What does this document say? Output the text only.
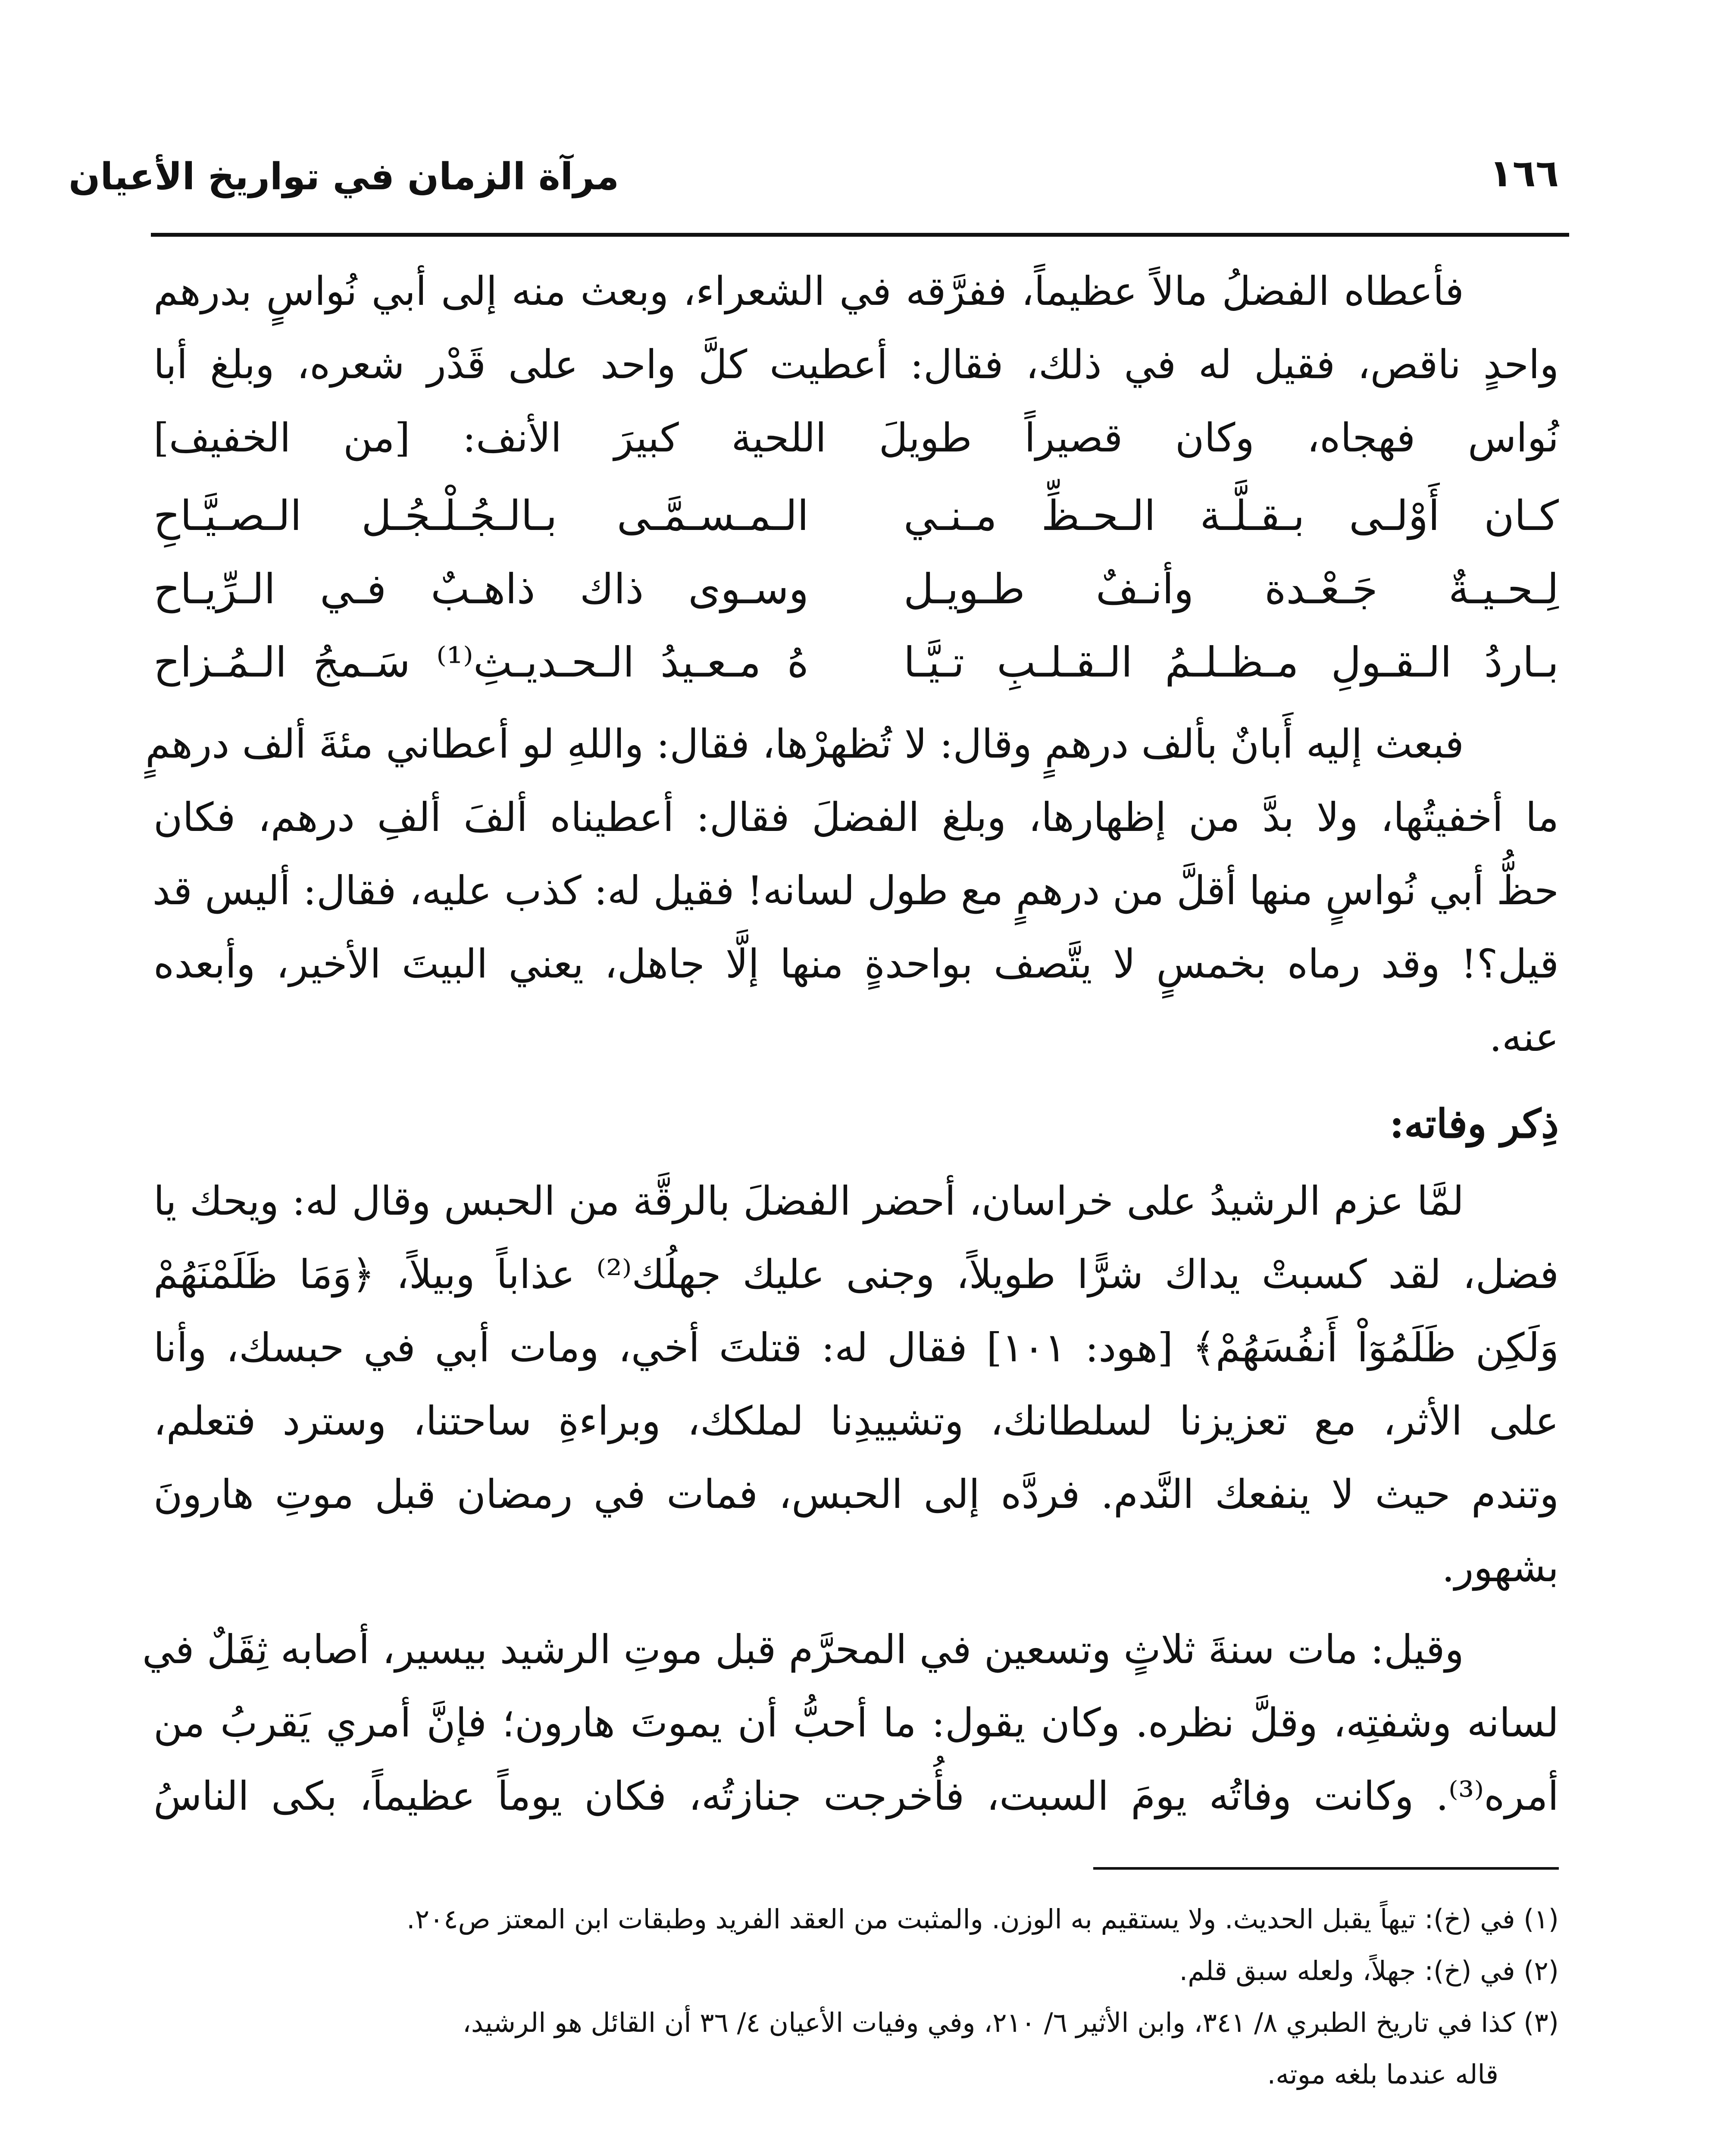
١٦٦
مرآة الزمان في تواريخ الأعيان
فأعطاه الفضلُ مالاً عظيماً، ففرَّقه في الشعراء، وبعث منه إلى أبي نُواسٍ بدرهم
واحدٍ ناقص، فقيل له في ذلك، فقال: أعطيت كلَّ واحد على قَدْر شعره، وبلغ أبا
نُواس فهجاه، وكان قصيراً طويلَ اللحية كبيرَ الأنف: [من الخفيف]
كـان أَوْلـى بـقـلَّـة الـحـظِّ مـنـي
الـمـسـمَّـى بـالـجُـلْـجُـل الـصـيَّـاحِ
لِـحـيـةٌ جَـعْـدة وأنـفٌ طـويـل
وسـوى ذاك ذاهـبٌ فـي الـرِّيـاح
بـاردُ الـقـولِ مـظـلـمُ الـقـلـبِ تـيَّـا
هُ مـعـيدُ الـحـديـثِ⁽¹⁾ سَـمجُ الـمُـزاح
فبعث إليه أَبانٌ بألف درهمٍ وقال: لا تُظهرْها، فقال: واللهِ لو أعطاني مئةَ ألف درهمٍ
ما أخفيتُها، ولا بدَّ من إظهارها، وبلغ الفضلَ فقال: أعطيناه ألفَ ألفِ درهم، فكان
حظُّ أبي نُواسٍ منها أقلَّ من درهمٍ مع طول لسانه! فقيل له: كذب عليه، فقال: أليس قد
قيل؟! وقد رماه بخمسٍ لا يتَّصف بواحدةٍ منها إلَّا جاهل، يعني البيتَ الأخير، وأبعده
عنه.
ذِكر وفاته:
لمَّا عزم الرشيدُ على خراسان، أحضر الفضلَ بالرقَّة من الحبس وقال له: ويحك يا
فضل، لقد كسبتْ يداك شرًّا طويلاً، وجنى عليك جهلُك⁽²⁾ عذاباً وبيلاً، ﴿وَمَا ظَلَمْنَهُمْ
وَلَكِن ظَلَمُوٓاْ أَنفُسَهُمْ﴾ [هود: ١٠١] فقال له: قتلتَ أخي، ومات أبي في حبسك، وأنا
على الأثر، مع تعزيزنا لسلطانك، وتشييدِنا لملكك، وبراءةِ ساحتنا، وسترد فتعلم،
وتندم حيث لا ينفعك النَّدم. فردَّه إلى الحبس، فمات في رمضان قبل موتِ هارونَ
بشهور.
وقيل: مات سنةَ ثلاثٍ وتسعين في المحرَّم قبل موتِ الرشيد بيسير، أصابه ثِقَلٌ في
لسانه وشفتِه، وقلَّ نظره. وكان يقول: ما أحبُّ أن يموتَ هارون؛ فإنَّ أمري يَقربُ من
أمره⁽³⁾. وكانت وفاتُه يومَ السبت، فأُخرجت جنازتُه، فكان يوماً عظيماً، بكى الناسُ
(١) في (خ): تيهاً يقبل الحديث. ولا يستقيم به الوزن. والمثبت من العقد الفريد وطبقات ابن المعتز ص٢٠٤.
(٢) في (خ): جهلاً، ولعله سبق قلم.
(٣) كذا في تاريخ الطبري ٨/ ٣٤١، وابن الأثير ٦/ ٢١٠، وفي وفيات الأعيان ٤/ ٣٦ أن القائل هو الرشيد،
قاله عندما بلغه موته.
